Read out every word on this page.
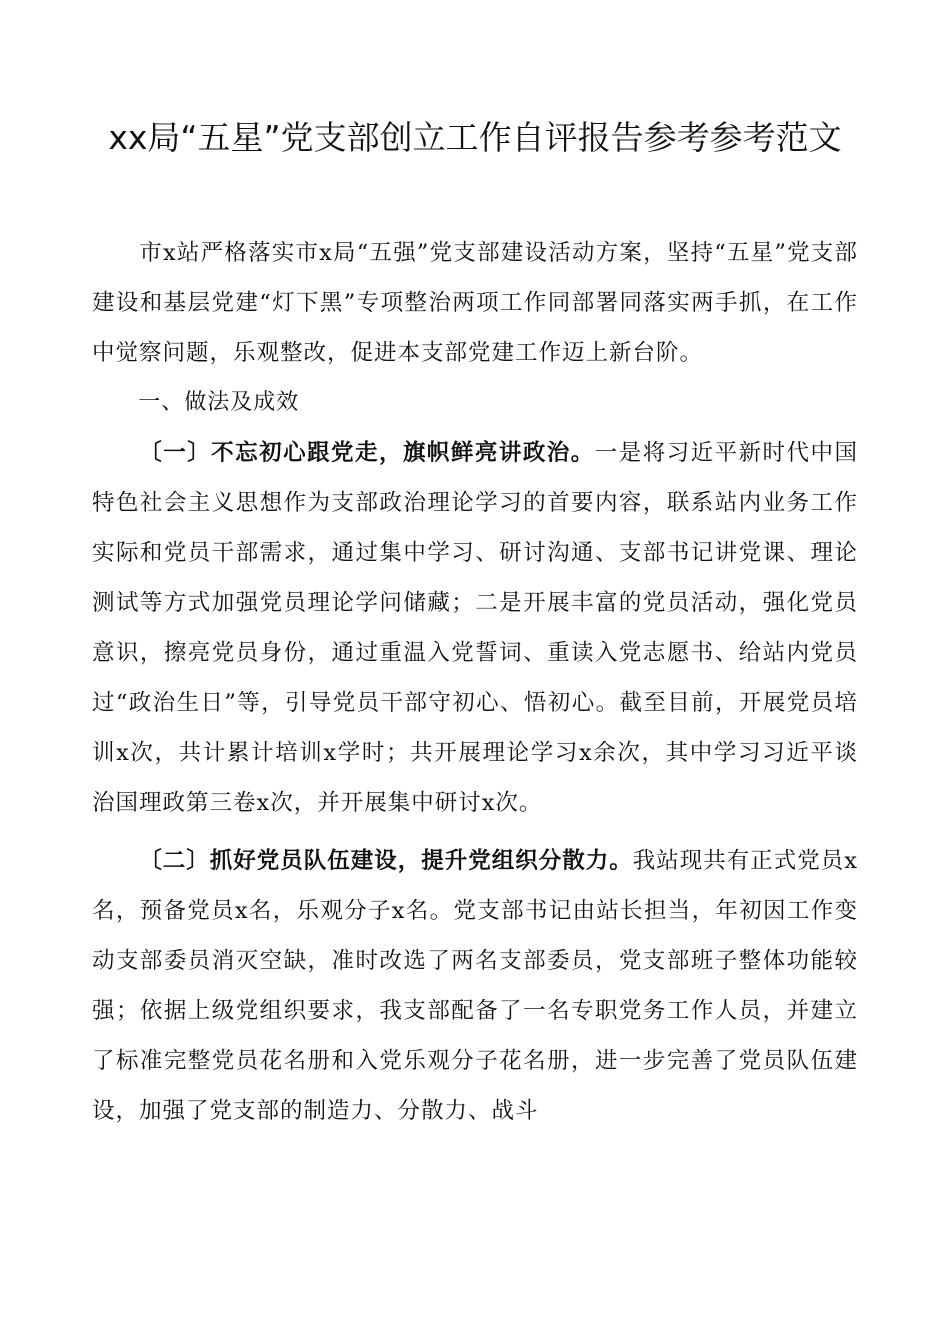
xx局“五星”党支部创立工作自评报告参考参考范文

市x站严格落实市x局“五强”党支部建设活动方案，坚持“五星”党支部建设和基层党建“灯下黑”专项整治两项工作同部署同落实两手抓，在工作中觉察问题，乐观整改，促进本支部党建工作迈上新台阶。

一、做法及成效

〔一〕不忘初心跟党走，旗帜鲜亮讲政治。一是将习近平新时代中国特色社会主义思想作为支部政治理论学习的首要内容，联系站内业务工作实际和党员干部需求，通过集中学习、研讨沟通、支部书记讲党课、理论测试等方式加强党员理论学问储藏；二是开展丰富的党员活动，强化党员意识，擦亮党员身份，通过重温入党誓词、重读入党志愿书、给站内党员过“政治生日”等，引导党员干部守初心、悟初心。截至目前，开展党员培训x次，共计累计培训x学时；共开展理论学习x余次，其中学习习近平谈治国理政第三卷x次，并开展集中研讨x次。

〔二〕抓好党员队伍建设，提升党组织分散力。我站现共有正式党员x名，预备党员x名，乐观分子x名。党支部书记由站长担当，年初因工作变动支部委员消灭空缺，准时改选了两名支部委员，党支部班子整体功能较强；依据上级党组织要求，我支部配备了一名专职党务工作人员，并建立了标准完整党员花名册和入党乐观分子花名册，进一步完善了党员队伍建设，加强了党支部的制造力、分散力、战斗
